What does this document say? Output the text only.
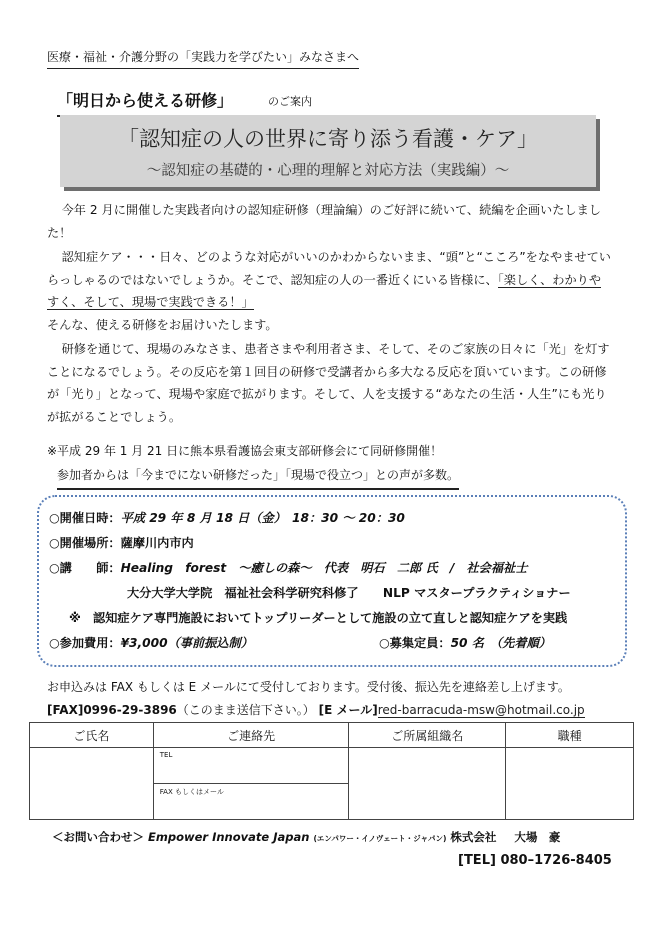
医療・福祉・介護分野の「実践力を学びたい」みなさまへ
「明日から使える研修」	のご案内
「認知症の人の世界に寄り添う看護・ケア」
～認知症の基礎的・心理的理解と対応方法（実践編）～

今年 2 月に開催した実践者向けの認知症研修（理論編）のご好評に続いて、続編を企画いたしました！

認知症ケア・・・日々、どのような対応がいいのかわからないまま、“頭”と“こころ”をなやませていらっしゃるのではないでしょうか。そこで、認知症の人の一番近くにいる皆様に、「楽しく、わかりやすく、そして、現場で実践できる！」

そんな、使える研修をお届けいたします。

研修を通じて、現場のみなさま、患者さまや利用者さま、そして、そのご家族の日々に「光」を灯すことになるでしょう。その反応を第１回目の研修で受講者から多大なる反応を頂いています。この研修が「光り」となって、現場や家庭で拡がります。そして、人を支援する“あなたの生活・人生”にも光りが拡がることでしょう。

※平成 29 年 1 月 21 日に熊本県看護協会東支部研修会にて同研修開催！
参加者からは「今までにない研修だった」「現場で役立つ」との声が多数。
○開催日時：平成 29 年 8 月 18 日（金）　18：30 ～ 20：30
○開催場所：薩摩川内市内
○講　　師：Healing　forest　～癒しの森～　代表　明石　二郎 氏　/　社会福祉士
大分大学大学院　福祉社会科学研究科修了　　NLP マスタープラクティショナー
※　認知症ケア専門施設においてトップリーダーとして施設の立て直しと認知症ケアを実践
○参加費用：¥3,000（事前振込制）	○募集定員：50 名　（先着順）
お申込みは FAX もしくは E メールにて受付しております。受付後、振込先を連絡差し上げます。
[FAX]0996-29-3896（このまま送信下さい。） [E メール]red-barracuda-msw@hotmail.co.jp
ご氏名	ご連絡先	ご所属組織名	職種
	TEL		
	FAX もしくはメール		
＜お問い合わせ＞ Empower Innovate Japan (エンパワー・イノヴェート・ジャパン) 株式会社 大場　豪
[TEL] 080–1726-8405
